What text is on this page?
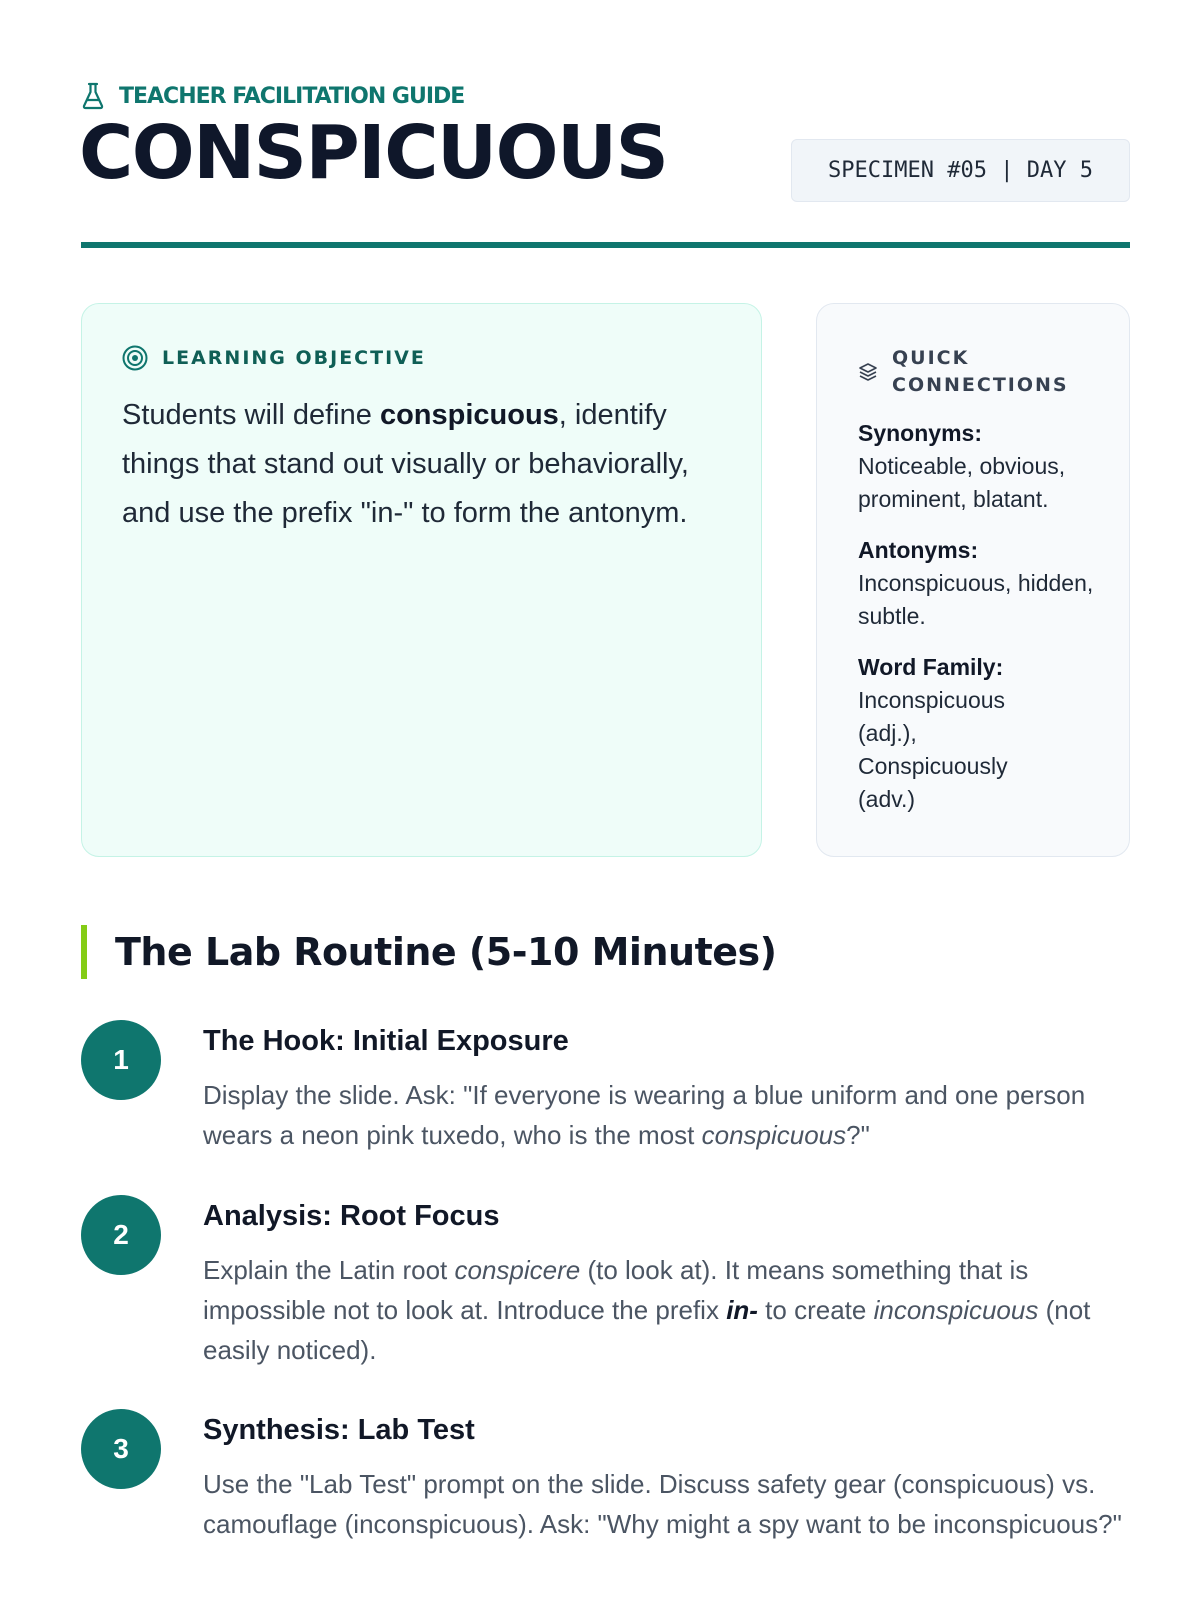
TEACHER FACILITATION GUIDE
CONSPICUOUS	SPECIMEN #05 | DAY 5
LEARNING OBJECTIVE

Students will define conspicuous, identify things that stand out visually or behaviorally, and use the prefix "in-" to form the antonym.

QUICK CONNECTIONS
Synonyms:
Noticeable, obvious, prominent, blatant.
Antonyms:
Inconspicuous, hidden, subtle.
Word Family:
Inconspicuous (adj.), Conspicuously (adv.)
The Lab Routine (5-10 Minutes)
1
The Hook: Initial Exposure

Display the slide. Ask: "If everyone is wearing a blue uniform and one person wears a neon pink tuxedo, who is the most conspicuous?"

2
Analysis: Root Focus

Explain the Latin root conspicere (to look at). It means something that is impossible not to look at. Introduce the prefix in- to create inconspicuous (not easily noticed).

3
Synthesis: Lab Test

Use the "Lab Test" prompt on the slide. Discuss safety gear (conspicuous) vs. camouflage (inconspicuous). Ask: "Why might a spy want to be inconspicuous?"
